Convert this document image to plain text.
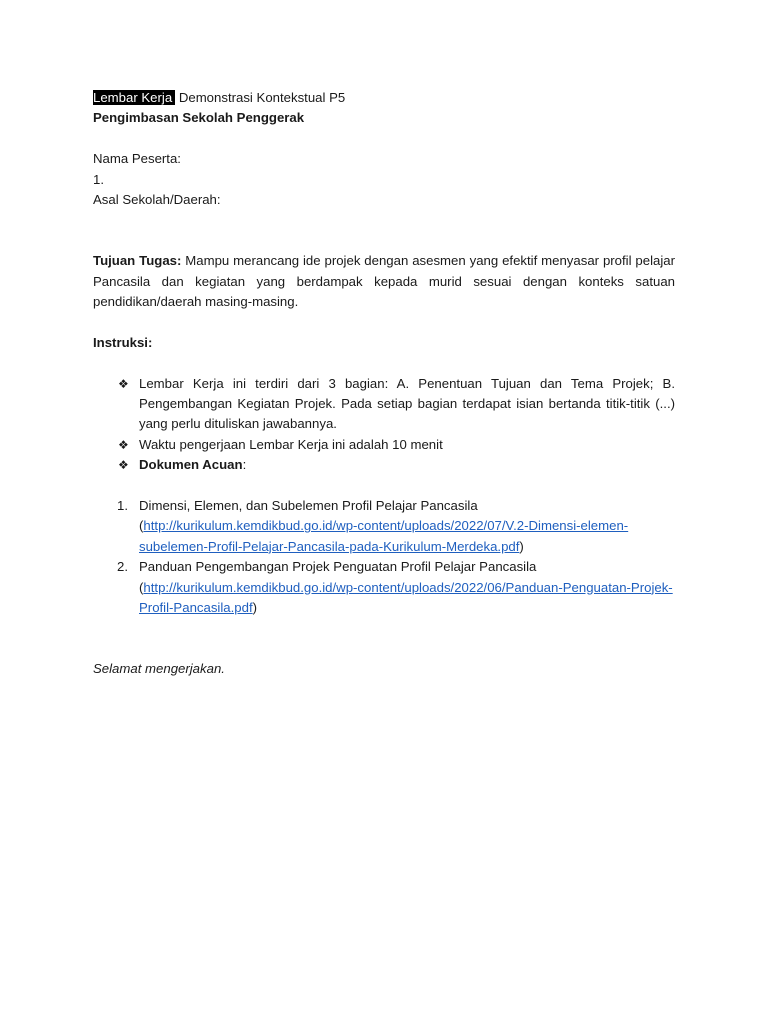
Lembar Kerja Demonstrasi Kontekstual P5
Pengimbasan Sekolah Penggerak
Nama Peserta:
1.
Asal Sekolah/Daerah:
Tujuan Tugas: Mampu merancang ide projek dengan asesmen yang efektif menyasar profil pelajar Pancasila dan kegiatan yang berdampak kepada murid sesuai dengan konteks satuan pendidikan/daerah masing-masing.
Instruksi:
❖ Lembar Kerja ini terdiri dari 3 bagian: A. Penentuan Tujuan dan Tema Projek; B. Pengembangan Kegiatan Projek. Pada setiap bagian terdapat isian bertanda titik-titik (...) yang perlu dituliskan jawabannya.
❖ Waktu pengerjaan Lembar Kerja ini adalah 10 menit
❖ Dokumen Acuan:
1. Dimensi, Elemen, dan Subelemen Profil Pelajar Pancasila
(http://kurikulum.kemdikbud.go.id/wp-content/uploads/2022/07/V.2-Dimensi-elemen-subelemen-Profil-Pelajar-Pancasila-pada-Kurikulum-Merdeka.pdf)
2. Panduan Pengembangan Projek Penguatan Profil Pelajar Pancasila
(http://kurikulum.kemdikbud.go.id/wp-content/uploads/2022/06/Panduan-Penguatan-Projek-Profil-Pancasila.pdf)
Selamat mengerjakan.
